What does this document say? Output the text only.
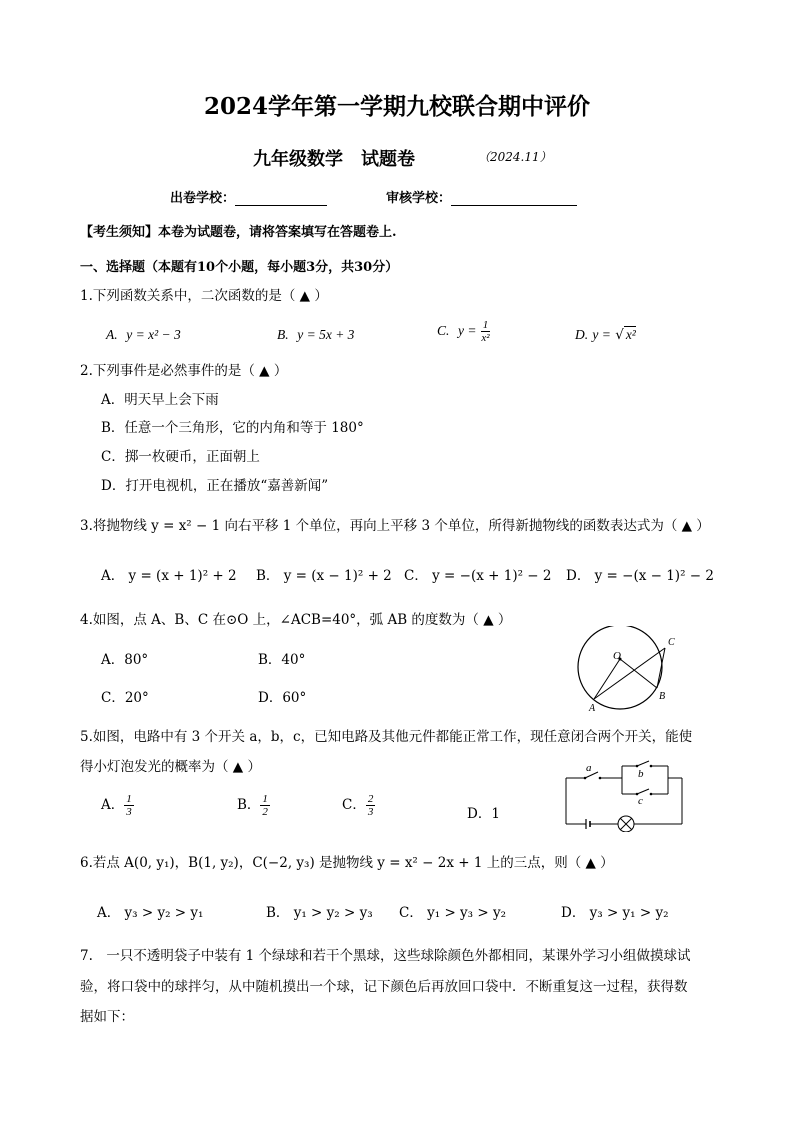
2024学年第一学期九校联合期中评价
九年级数学　试题卷	（2024.11）
出卷学校：	审核学校：
【考生须知】本卷为试题卷，请将答案填写在答题卷上.
一、选择题（本题有10个小题，每小题3分，共30分）
1.下列函数关系中，二次函数的是（ ▲ ）
A. y = x² − 3	B. y = 5x + 3	C. $y = \frac{1}{\text{x²}}$	D. y = √ x²
2.下列事件是必然事件的是（ ▲ ）
A．明天早上会下雨
B．任意一个三角形，它的内角和等于 180°
C．掷一枚硬币，正面朝上
D．打开电视机，正在播放“嘉善新闻”
3.将抛物线 y = x² − 1 向右平移 1 个单位，再向上平移 3 个单位，所得新抛物线的函数表达式为（ ▲ ）
A． y = (x + 1)² + 2 B． y = (x − 1)² + 2 C． y = −(x + 1)² − 2 D． y = −(x − 1)² − 2
4.如图，点 A、B、C 在⊙O 上，∠ACB=40°，弧 AB 的度数为（ ▲ ）
A．80°	B．40°
C．20°	D．60°
O
A
B
C
5.如图，电路中有 3 个开关 a，b，c，已知电路及其他元件都能正常工作，现任意闭合两个开关，能使
得小灯泡发光的概率为（ ▲ ）
A． $\frac{1}{3}$	B． $\frac{1}{2}$	C． $\frac{2}{3}$	D．1
a	b
c
6.若点 A(0, y₁)，B(1, y₂)，C(−2, y₃) 是抛物线 y = x² − 2x + 1 上的三点，则（ ▲ ）
A． y₃ > y₂ > y₁	B． y₁ > y₂ > y₃ C． y₁ > y₃ > y₂	D． y₃ > y₁ > y₂
7.　一只不透明袋子中装有 1 个绿球和若干个黑球，这些球除颜色外都相同，某课外学习小组做摸球试
验，将口袋中的球拌匀，从中随机摸出一个球，记下颜色后再放回口袋中．不断重复这一过程，获得数
据如下：
